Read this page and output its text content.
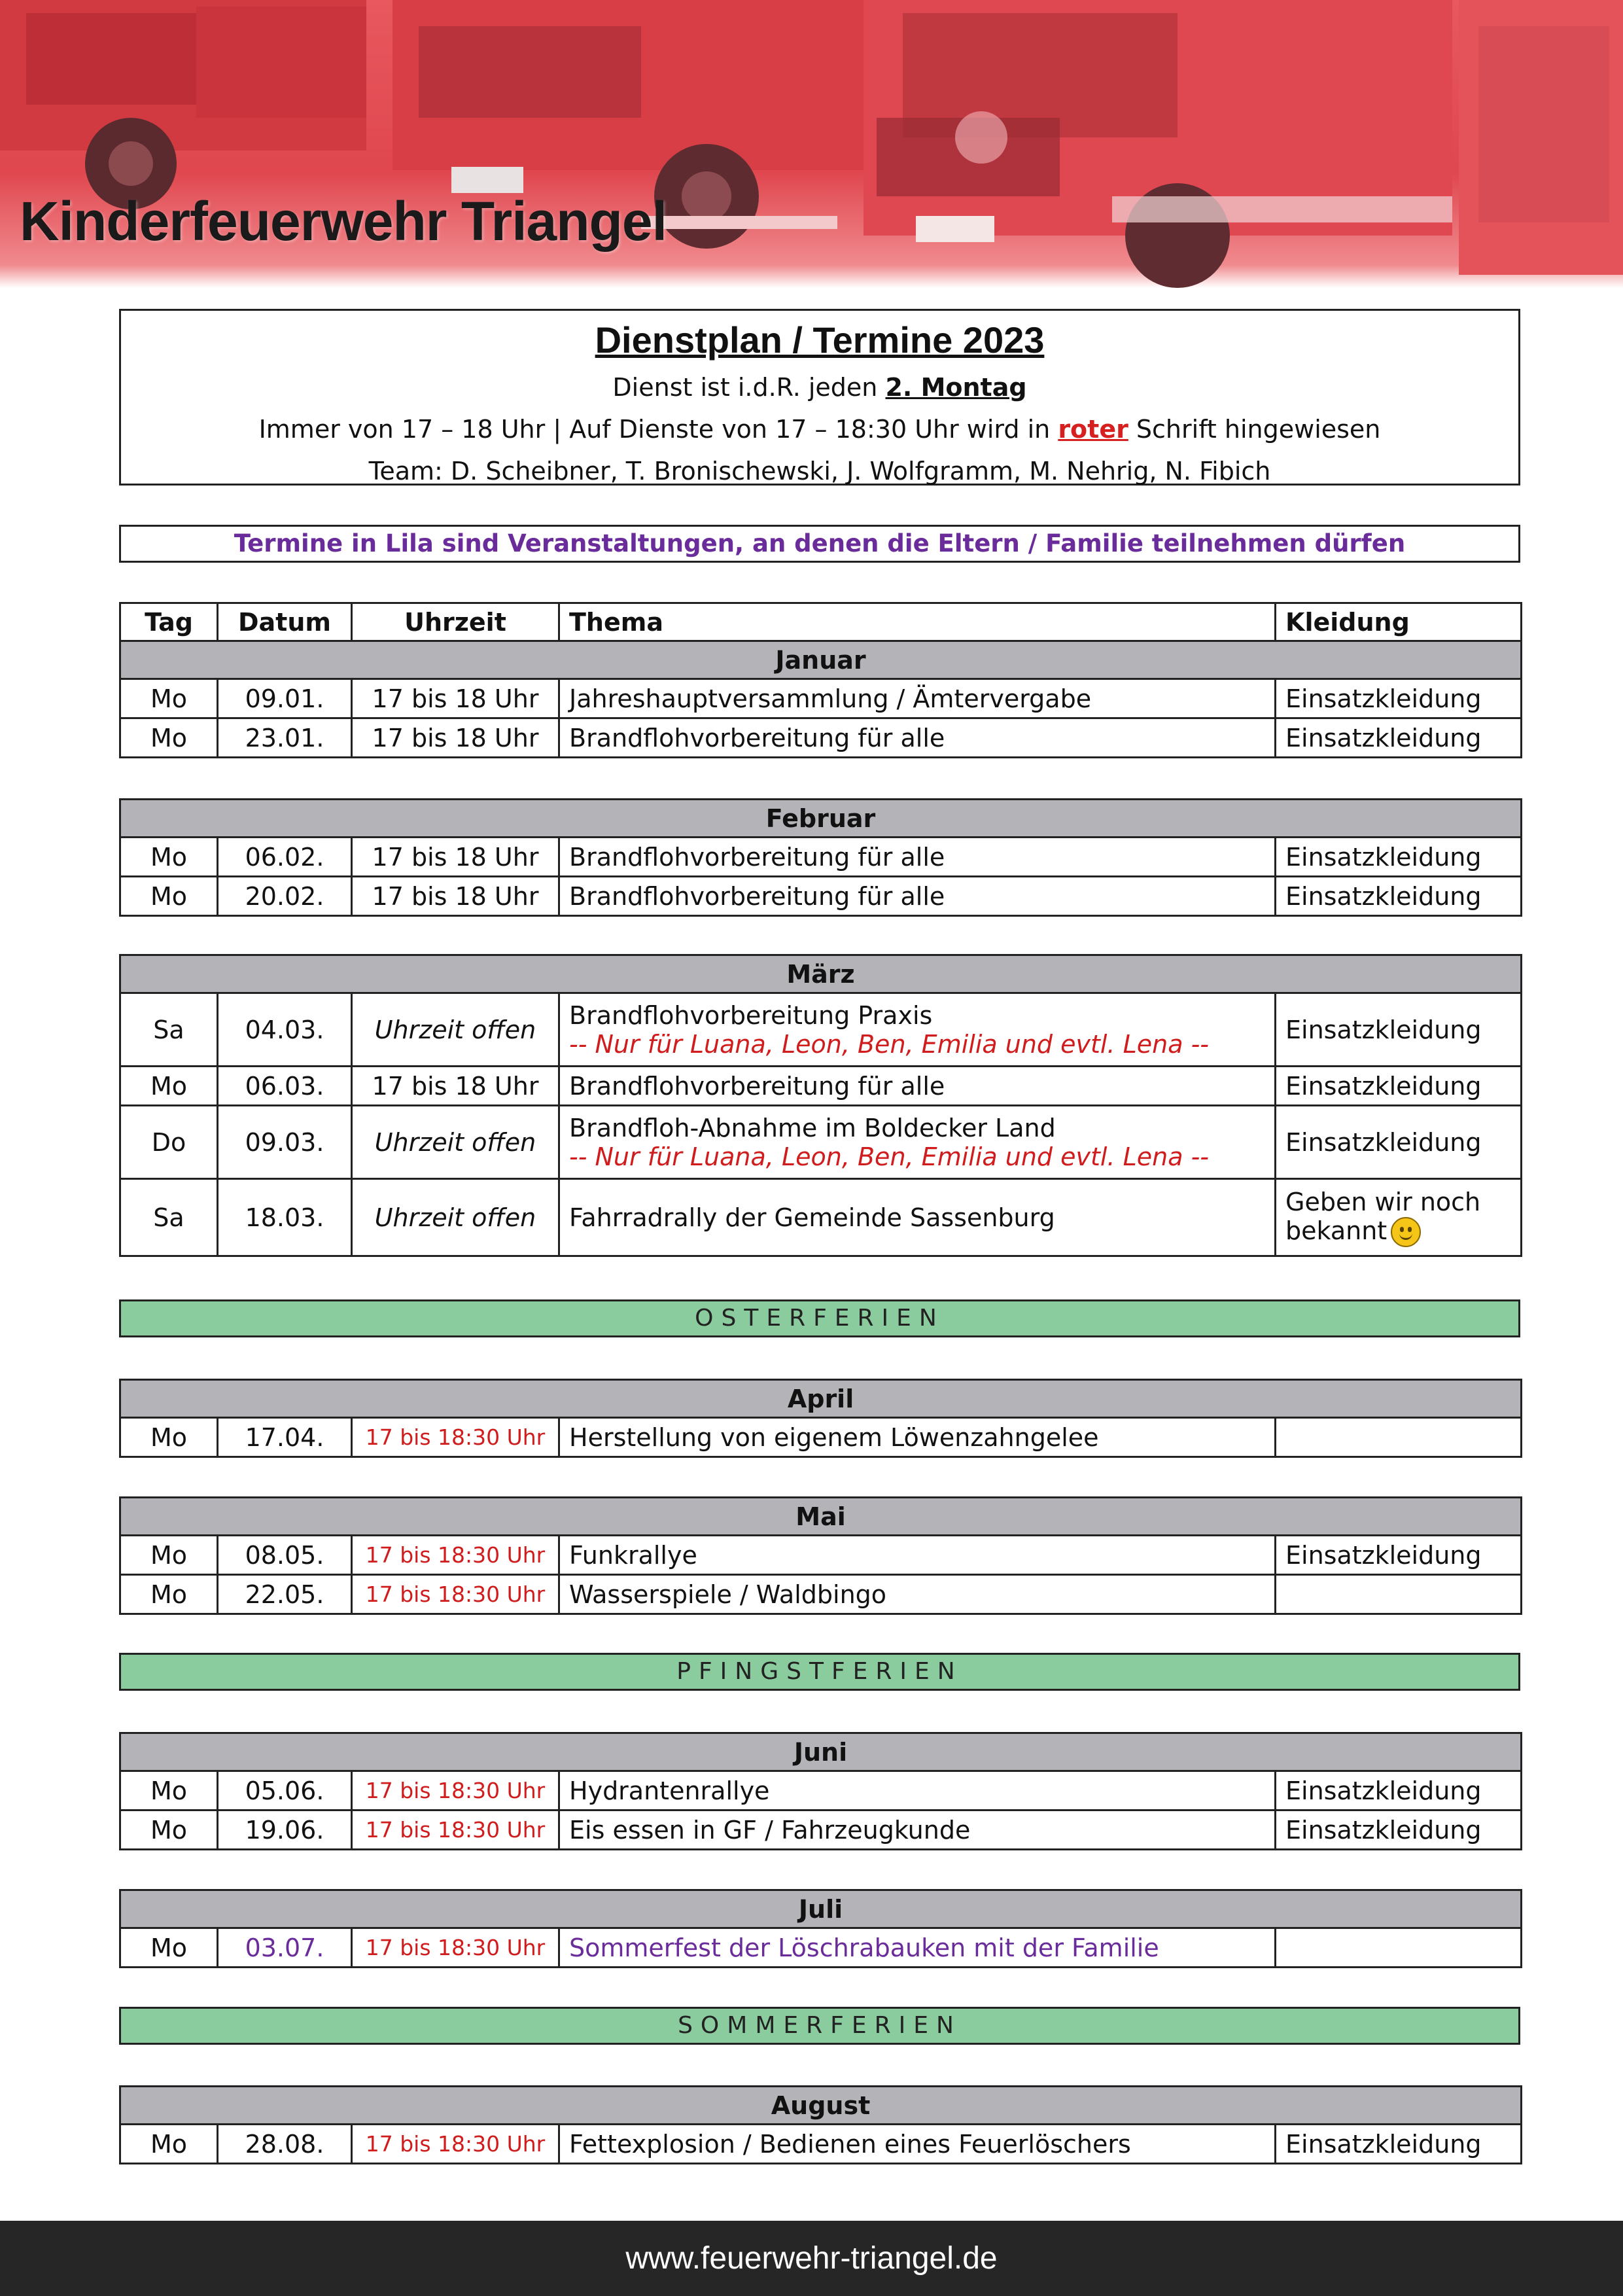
Kinderfeuerwehr Triangel
Dienstplan / Termine 2023
Dienst ist i.d.R. jeden 2. Montag
Immer von 17 – 18 Uhr | Auf Dienste von 17 – 18:30 Uhr wird in roter Schrift hingewiesen
Team: D. Scheibner, T. Bronischewski, J. Wolfgramm, M. Nehrig, N. Fibich
Termine in Lila sind Veranstaltungen, an denen die Eltern / Familie teilnehmen dürfen
Tag	Datum	Uhrzeit	Thema	Kleidung
Januar				
Mo	09.01.	17 bis 18 Uhr	Jahreshauptversammlung / Ämtervergabe	Einsatzkleidung
Mo	23.01.	17 bis 18 Uhr	Brandflohvorbereitung für alle	Einsatzkleidung
Februar				
Mo	06.02.	17 bis 18 Uhr	Brandflohvorbereitung für alle	Einsatzkleidung
Mo	20.02.	17 bis 18 Uhr	Brandflohvorbereitung für alle	Einsatzkleidung
März				
Sa	04.03.	Uhrzeit offen	Brandflohvorbereitung Praxis
-- Nur für Luana, Leon, Ben, Emilia und evtl. Lena --	Einsatzkleidung
Mo	06.03.	17 bis 18 Uhr	Brandflohvorbereitung für alle	Einsatzkleidung
Do	09.03.	Uhrzeit offen	Brandfloh-Abnahme im Boldecker Land
-- Nur für Luana, Leon, Ben, Emilia und evtl. Lena --	Einsatzkleidung
Sa	18.03.	Uhrzeit offen	Fahrradrally der Gemeinde Sassenburg	Geben wir noch
bekannt
OSTERFERIEN
April
Mo	17.04.	17 bis 18:30 Uhr	Herstellung von eigenem Löwenzahngelee	
Mai				
Mo	08.05.	17 bis 18:30 Uhr	Funkrallye	Einsatzkleidung
Mo	22.05.	17 bis 18:30 Uhr	Wasserspiele / Waldbingo	
PFINGSTFERIEN
Juni				
Mo	05.06.	17 bis 18:30 Uhr	Hydrantenrallye	Einsatzkleidung
Mo	19.06.	17 bis 18:30 Uhr	Eis essen in GF / Fahrzeugkunde	Einsatzkleidung
Juli
Mo	03.07.	17 bis 18:30 Uhr	Sommerfest der Löschrabauken mit der Familie	
SOMMERFERIEN
August
Mo	28.08.	17 bis 18:30 Uhr	Fettexplosion / Bedienen eines Feuerlöschers	Einsatzkleidung
www.feuerwehr-triangel.de
